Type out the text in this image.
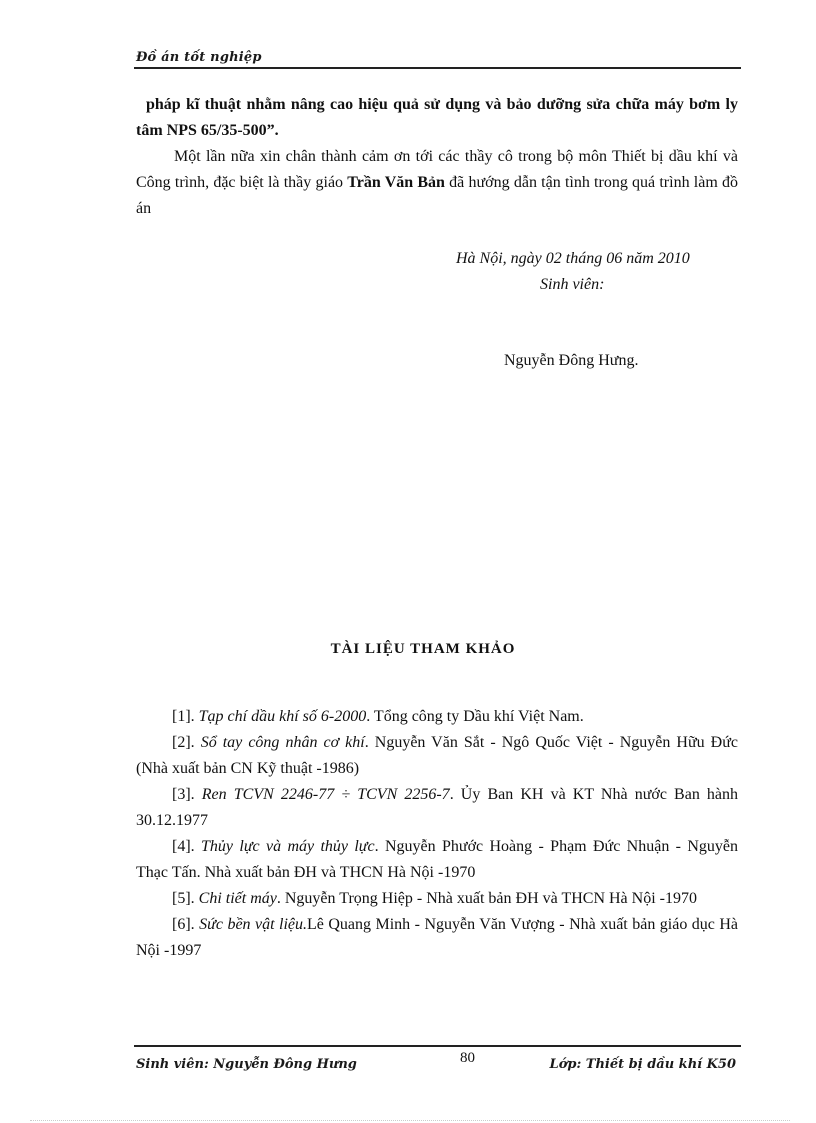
Đồ án tốt nghiệp

pháp kĩ thuật nhằm nâng cao hiệu quả sử dụng và bảo dưỡng sửa chữa máy bơm ly tâm NPS 65/35-500”.

Một lần nữa xin chân thành cảm ơn tới các thầy cô trong bộ môn Thiết bị dầu khí và Công trình, đặc biệt là thầy giáo Trần Văn Bản đã hướng dẫn tận tình trong quá trình làm đồ án

Hà Nội, ngày 02 tháng 06 năm 2010
Sinh viên:
Nguyễn Đông Hưng.
TÀI LIỆU THAM KHẢO

[1]. Tạp chí dầu khí số 6-2000. Tổng công ty Dầu khí Việt Nam.

[2]. Sổ tay công nhân cơ khí. Nguyễn Văn Sắt - Ngô Quốc Việt - Nguyễn Hữu Đức (Nhà xuất bản CN Kỹ thuật -1986)

[3]. Ren TCVN 2246-77 ÷ TCVN 2256-7. Ủy Ban KH và KT Nhà nước Ban hành 30.12.1977

[4]. Thủy lực và máy thủy lực. Nguyễn Phước Hoàng - Phạm Đức Nhuận - Nguyễn Thạc Tấn. Nhà xuất bản ĐH và THCN Hà Nội -1970

[5]. Chi tiết máy. Nguyễn Trọng Hiệp - Nhà xuất bản ĐH và THCN Hà Nội -1970

[6]. Sức bền vật liệu.Lê Quang Minh - Nguyễn Văn Vượng - Nhà xuất bản giáo dục Hà Nội -1997

Sinh viên: Nguyễn Đông Hưng	80	Lớp: Thiết bị dầu khí K50
